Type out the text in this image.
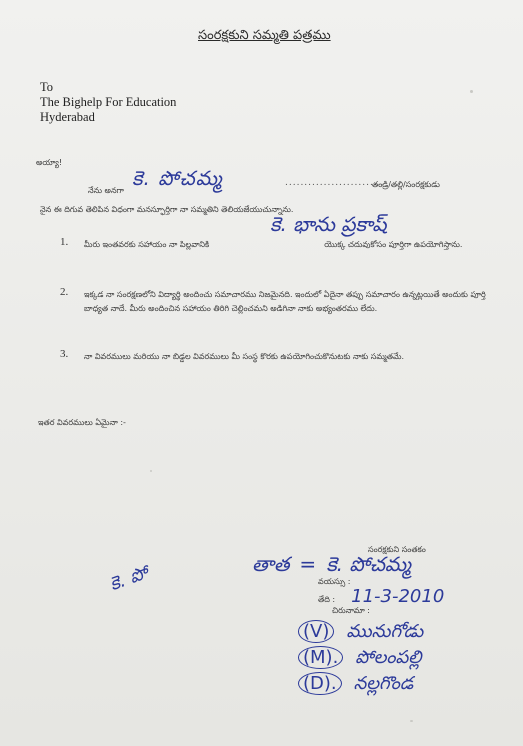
సంరక్షకుని సమ్మతి పత్రము
To
The Bighelp For Education
Hyderabad
అయ్యా!
నేను అనగా
కె. పోచమ్మ	..........................
తండ్రి/తల్లి/సంరక్షకుడు
నైన ఈ దిగువ తెలిపిన విధంగా మనస్ఫూర్తిగా నా సమ్మతిని తెలియజేయుచున్నాను.
1. మీరు ఇంతవరకు సహాయం నా పిల్లవానికి	యొక్క చదువుకోసం పూర్తిగా ఉపయోగిస్తాను.
కె. భాను ప్రకాష్
2. ఇక్కడ నా సంరక్షణలోని విద్యార్థి అందించు సమాచారము నిజమైనది. ఇందులో ఏదైనా తప్పు సమాచారం ఉన్నట్లయితే అందుకు పూర్తి బాధ్యత నాదే. మీరు అందించిన సహాయం తిరిగి చెల్లించమని అడిగినా నాకు అభ్యంతరము లేదు.
3. నా వివరములు మరియు నా బిడ్డల వివరములు మీ సంస్థ కొరకు ఉపయోగించుకొనుటకు నాకు సమ్మతమే.
ఇతర వివరములు ఏమైనా :-
సంరక్షకుని సంతకం
తాత = కె. పోచమ్మ
వయస్సు :
తేది : 11-3-2010
చిరునామా :
(V) మునుగోడు
(M). పోలంపల్లి
(D). నల్లగొండ
కె. పో
